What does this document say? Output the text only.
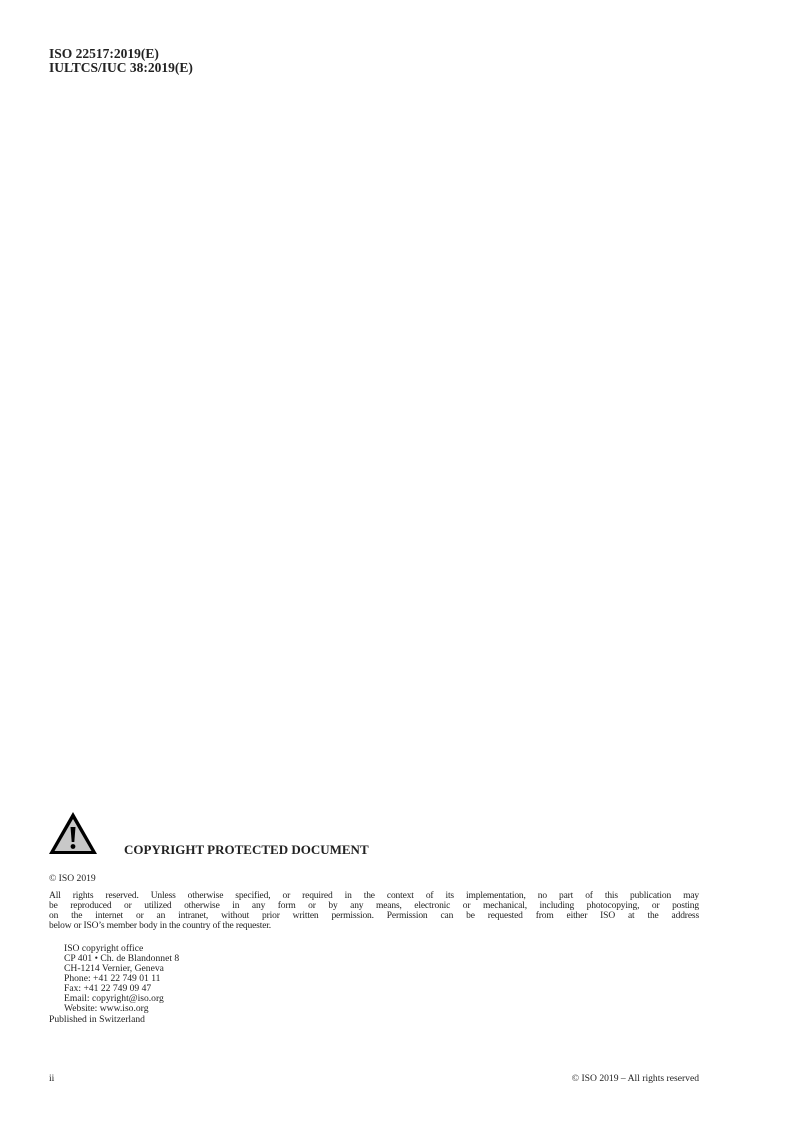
ISO 22517:2019(E)
IULTCS/IUC 38:2019(E)
COPYRIGHT PROTECTED DOCUMENT
© ISO 2019
All rights reserved. Unless otherwise specified, or required in the context of its implementation, no part of this publication may
be reproduced or utilized otherwise in any form or by any means, electronic or mechanical, including photocopying, or posting
on the internet or an intranet, without prior written permission. Permission can be requested from either ISO at the address
below or ISO’s member body in the country of the requester.
ISO copyright office
CP 401 • Ch. de Blandonnet 8
CH-1214 Vernier, Geneva
Phone: +41 22 749 01 11
Fax: +41 22 749 09 47
Email: copyright@iso.org
Website: www.iso.org
Published in Switzerland
ii	© ISO 2019 – All rights reserved
